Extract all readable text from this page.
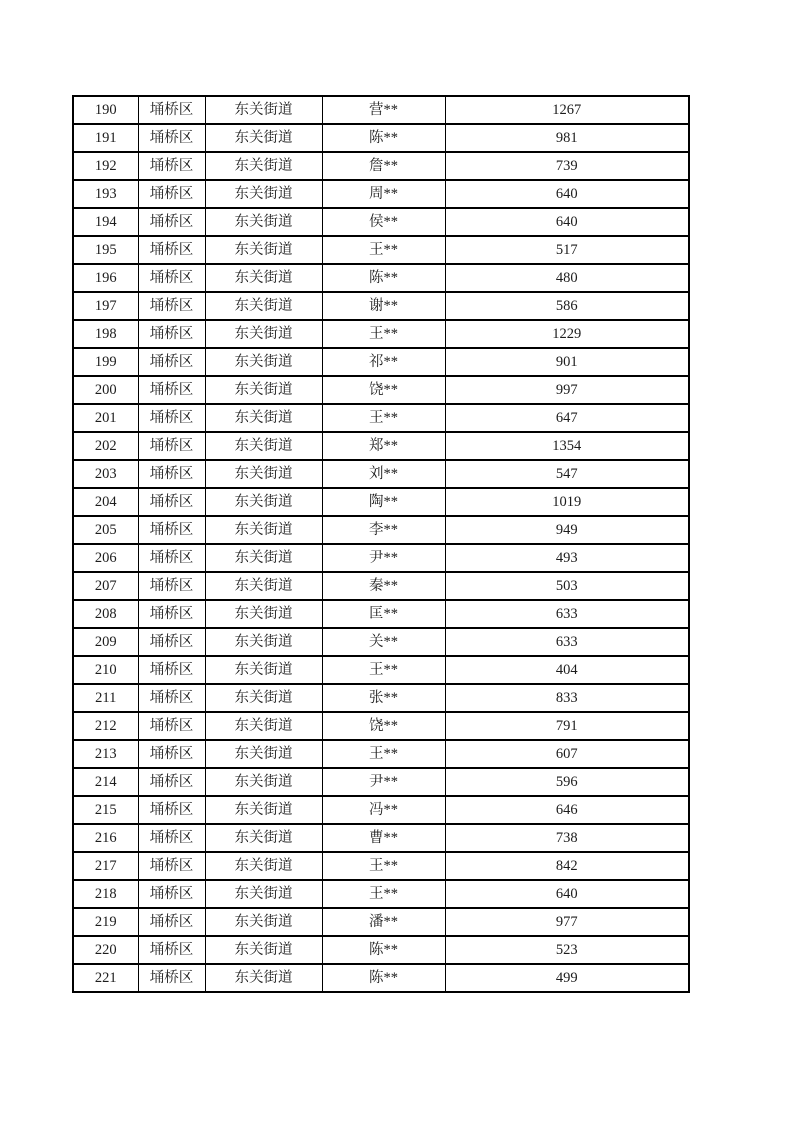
190	埇桥区	东关街道	营**	1267
191	埇桥区	东关街道	陈**	981
192	埇桥区	东关街道	詹**	739
193	埇桥区	东关街道	周**	640
194	埇桥区	东关街道	侯**	640
195	埇桥区	东关街道	王**	517
196	埇桥区	东关街道	陈**	480
197	埇桥区	东关街道	谢**	586
198	埇桥区	东关街道	王**	1229
199	埇桥区	东关街道	祁**	901
200	埇桥区	东关街道	饶**	997
201	埇桥区	东关街道	王**	647
202	埇桥区	东关街道	郑**	1354
203	埇桥区	东关街道	刘**	547
204	埇桥区	东关街道	陶**	1019
205	埇桥区	东关街道	李**	949
206	埇桥区	东关街道	尹**	493
207	埇桥区	东关街道	秦**	503
208	埇桥区	东关街道	匡**	633
209	埇桥区	东关街道	关**	633
210	埇桥区	东关街道	王**	404
211	埇桥区	东关街道	张**	833
212	埇桥区	东关街道	饶**	791
213	埇桥区	东关街道	王**	607
214	埇桥区	东关街道	尹**	596
215	埇桥区	东关街道	冯**	646
216	埇桥区	东关街道	曹**	738
217	埇桥区	东关街道	王**	842
218	埇桥区	东关街道	王**	640
219	埇桥区	东关街道	潘**	977
220	埇桥区	东关街道	陈**	523
221	埇桥区	东关街道	陈**	499
